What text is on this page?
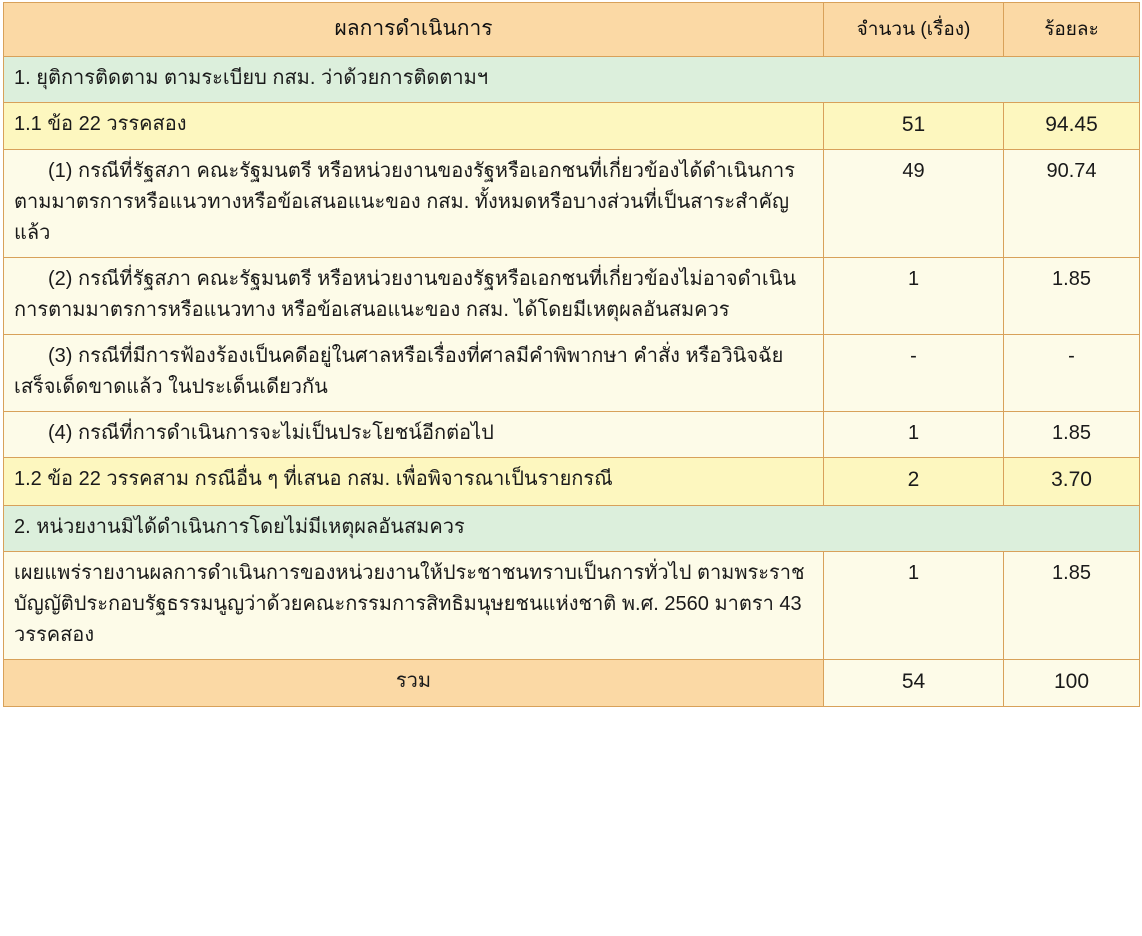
ผลการดำเนินการ	จำนวน (เรื่อง)	ร้อยละ
1. ยุติการติดตาม ตามระเบียบ กสม. ว่าด้วยการติดตามฯ		
1.1 ข้อ 22 วรรคสอง	51	94.45
(1) กรณีที่รัฐสภา คณะรัฐมนตรี หรือหน่วยงานของรัฐหรือเอกชนที่เกี่ยวข้องได้ดำเนินการตามมาตรการหรือแนวทางหรือข้อเสนอแนะของ กสม. ทั้งหมดหรือบางส่วนที่เป็นสาระสำคัญแล้ว	49	90.74
(2) กรณีที่รัฐสภา คณะรัฐมนตรี หรือหน่วยงานของรัฐหรือเอกชนที่เกี่ยวข้องไม่อาจดำเนินการตามมาตรการหรือแนวทาง หรือข้อเสนอแนะของ กสม. ได้โดยมีเหตุผลอันสมควร	1	1.85
(3) กรณีที่มีการฟ้องร้องเป็นคดีอยู่ในศาลหรือเรื่องที่ศาลมีคำพิพากษา คำสั่ง หรือวินิจฉัยเสร็จเด็ดขาดแล้ว ในประเด็นเดียวกัน	-	-
(4) กรณีที่การดำเนินการจะไม่เป็นประโยชน์อีกต่อไป	1	1.85
1.2 ข้อ 22 วรรคสาม กรณีอื่น ๆ ที่เสนอ กสม. เพื่อพิจารณาเป็นรายกรณี	2	3.70
2. หน่วยงานมิได้ดำเนินการโดยไม่มีเหตุผลอันสมควร		
เผยแพร่รายงานผลการดำเนินการของหน่วยงานให้ประชาชนทราบเป็นการทั่วไป ตามพระราชบัญญัติประกอบรัฐธรรมนูญว่าด้วยคณะกรรมการสิทธิมนุษยชนแห่งชาติ พ.ศ. 2560 มาตรา 43 วรรคสอง	1	1.85
รวม	54	100
